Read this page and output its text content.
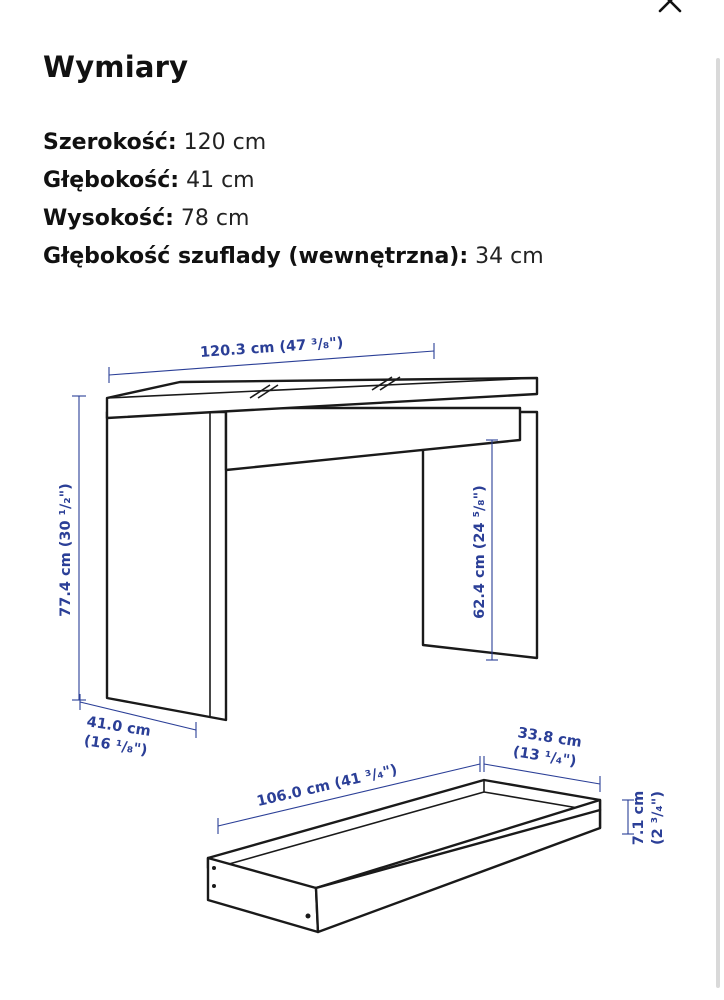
Wymiary
Szerokość: 120 cm
Głębokość: 41 cm
Wysokość: 78 cm
Głębokość szuflady (wewnętrzna): 34 cm
120.3 cm (47 ³/₈")
77.4 cm (30 ¹/₂")	62.4 cm (24 ⁵/₈")
41.0 cm
(16 ¹/₈")
106.0 cm (41 ³/₄")
33.8 cm
(13 ¹/₄")
7.1 cm (2 ³/₄")
